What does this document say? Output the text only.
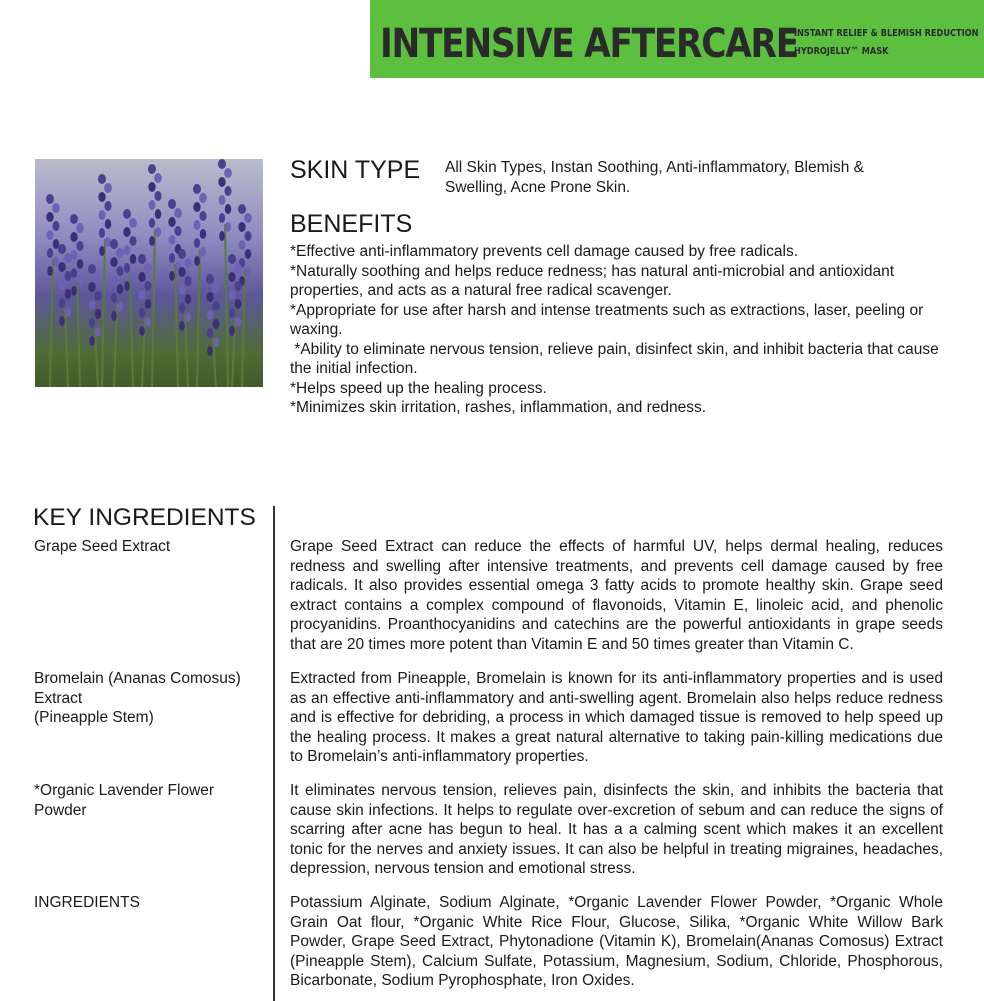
INTENSIVE AFTERCARE
INSTANT RELIEF & BLEMISH REDUCTION
HYDROJELLY™ MASK
SKIN TYPE All Skin Types, Instan Soothing, Anti-inflammatory, Blemish & Swelling, Acne Prone Skin.
BENEFITS
*Effective anti-inflammatory prevents cell damage caused by free radicals.
*Naturally soothing and helps reduce redness; has natural anti-microbial and antioxidant properties, and acts as a natural free radical scavenger.
*Appropriate for use after harsh and intense treatments such as extractions, laser, peeling or waxing.
*Ability to eliminate nervous tension, relieve pain, disinfect skin, and inhibit bacteria that cause the initial infection.
*Helps speed up the healing process.
*Minimizes skin irritation, rashes, inflammation, and redness.
KEY INGREDIENTS
Grape Seed Extract	Grape Seed Extract can reduce the effects of harmful UV, helps dermal healing, reduces redness and swelling after intensive treatments, and prevents cell damage caused by free radicals. It also provides essential omega 3 fatty acids to promote healthy skin. Grape seed extract contains a complex compound of flavonoids, Vitamin E, linoleic acid, and phenolic procyanidins. Proanthocyanidins and catechins are the powerful antioxidants in grape seeds that are 20 times more potent than Vitamin E and 50 times greater than Vitamin C.
Bromelain (Ananas Comosus) Extract
(Pineapple Stem)
Extracted from Pineapple, Bromelain is known for its anti-inflammatory properties and is used as an effective anti-inflammatory and anti-swelling agent. Bromelain also helps reduce redness and is effective for debriding, a process in which damaged tissue is removed to help speed up the healing process. It makes a great natural alternative to taking pain-killing medications due to Bromelain’s anti-inflammatory properties.
*Organic Lavender Flower Powder
It eliminates nervous tension, relieves pain, disinfects the skin, and inhibits the bacteria that cause skin infections. It helps to regulate over-excretion of sebum and can reduce the signs of scarring after acne has begun to heal. It has a a calming scent which makes it an excellent tonic for the nerves and anxiety issues. It can also be helpful in treating migraines, headaches, depression, nervous tension and emotional stress.
INGREDIENTS	Potassium Alginate, Sodium Alginate, *Organic Lavender Flower Powder, *Organic Whole Grain Oat flour, *Organic White Rice Flour, Glucose, Silika, *Organic White Willow Bark Powder, Grape Seed Extract, Phytonadione (Vitamin K), Bromelain(Ananas Comosus) Extract (Pineapple Stem), Calcium Sulfate, Potassium, Magnesium, Sodium, Chloride, Phosphorous, Bicarbonate, Sodium Pyrophosphate, Iron Oxides.
